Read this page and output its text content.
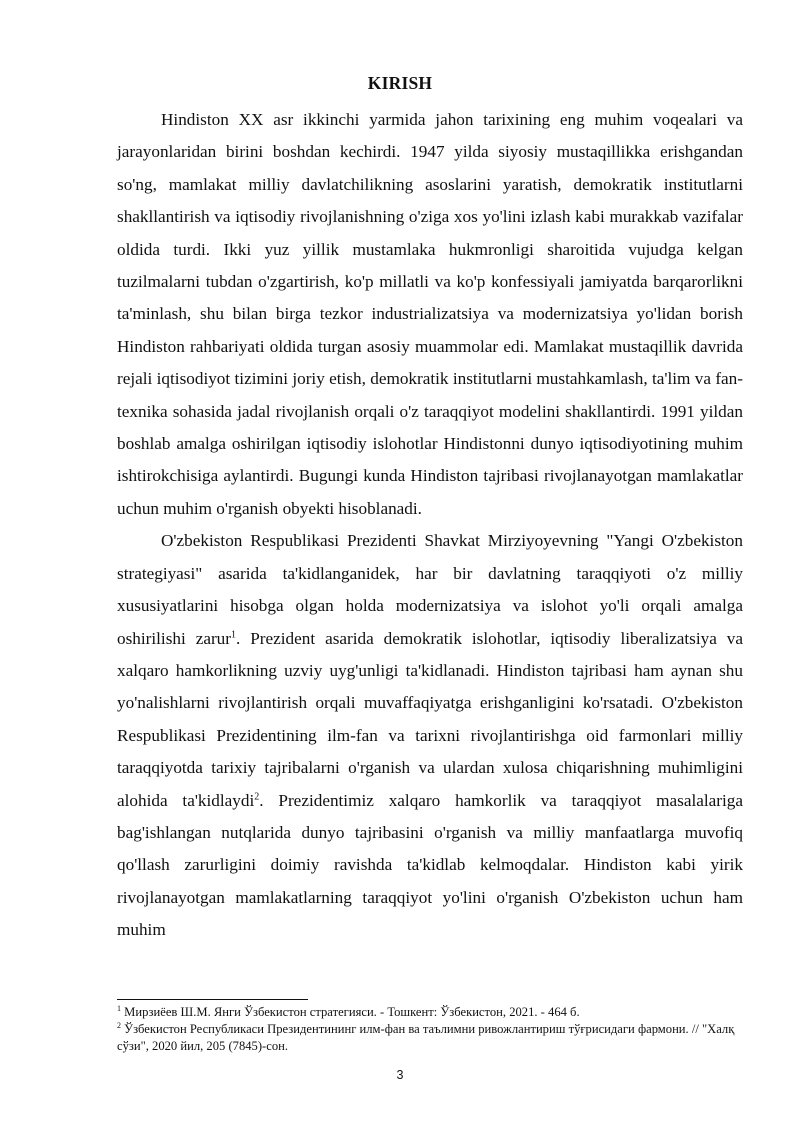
KIRISH

Hindiston XX asr ikkinchi yarmida jahon tarixining eng muhim voqealari va jarayonlaridan birini boshdan kechirdi. 1947 yilda siyosiy mustaqillikka erishgandan so'ng, mamlakat milliy davlatchilikning asoslarini yaratish, demokratik institutlarni shakllantirish va iqtisodiy rivojlanishning o'ziga xos yo'lini izlash kabi murakkab vazifalar oldida turdi. Ikki yuz yillik mustamlaka hukmronligi sharoitida vujudga kelgan tuzilmalarni tubdan o'zgartirish, ko'p millatli va ko'p konfessiyali jamiyatda barqarorlikni ta'minlash, shu bilan birga tezkor industrializatsiya va modernizatsiya yo'lidan borish Hindiston rahbariyati oldida turgan asosiy muammolar edi. Mamlakat mustaqillik davrida rejali iqtisodiyot tizimini joriy etish, demokratik institutlarni mustahkamlash, ta'lim va fan-texnika sohasida jadal rivojlanish orqali o'z taraqqiyot modelini shakllantirdi. 1991 yildan boshlab amalga oshirilgan iqtisodiy islohotlar Hindistonni dunyo iqtisodiyotining muhim ishtirokchisiga aylantirdi. Bugungi kunda Hindiston tajribasi rivojlanayotgan mamlakatlar uchun muhim o'rganish obyekti hisoblanadi.

O'zbekiston Respublikasi Prezidenti Shavkat Mirziyoyevning "Yangi O'zbekiston strategiyasi" asarida ta'kidlanganidek, har bir davlatning taraqqiyoti o'z milliy xususiyatlarini hisobga olgan holda modernizatsiya va islohot yo'li orqali amalga oshirilishi zarur$^1$. Prezident asarida demokratik islohotlar, iqtisodiy liberalizatsiya va xalqaro hamkorlikning uzviy uyg'unligi ta'kidlanadi. Hindiston tajribasi ham aynan shu yo'nalishlarni rivojlantirish orqali muvaffaqiyatga erishganligini ko'rsatadi. O'zbekiston Respublikasi Prezidentining ilm-fan va tarixni rivojlantirishga oid farmonlari milliy taraqqiyotda tarixiy tajribalarni o'rganish va ulardan xulosa chiqarishning muhimligini alohida ta'kidlaydi$^2$. Prezidentimiz xalqaro hamkorlik va taraqqiyot masalalariga bag'ishlangan nutqlarida dunyo tajribasini o'rganish va milliy manfaatlarga muvofiq qo'llash zarurligini doimiy ravishda ta'kidlab kelmoqdalar. Hindiston kabi yirik rivojlanayotgan mamlakatlarning taraqqiyot yo'lini o'rganish O'zbekiston uchun ham muhim

$^1$ Мирзиёев Ш.М. Янги Ўзбекистон стратегияси. - Тошкент: Ўзбекистон, 2021. - 464 б.

$^2$ Ўзбекистон Республикаси Президентининг илм-фан ва таълимни ривожлантириш тўғрисидаги фармони. // "Халқ сўзи", 2020 йил, 205 (7845)-сон.

3
